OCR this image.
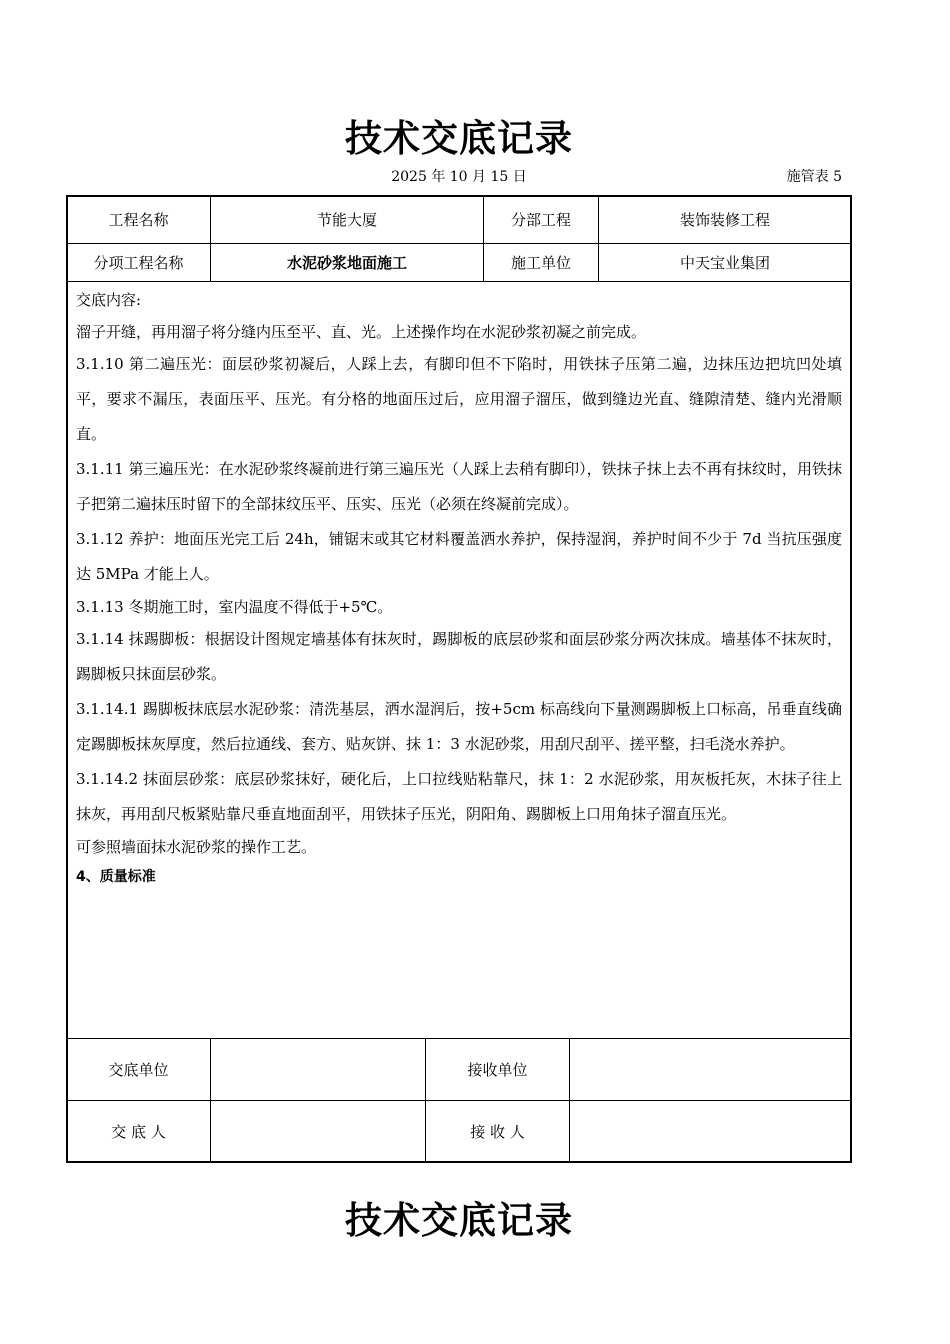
技术交底记录
2025 年 10 月 15 日	施管表 5
工程名称	节能大厦	分部工程	装饰装修工程
分项工程名称	水泥砂浆地面施工	施工单位	中天宝业集团

交底内容:

溜子开缝，再用溜子将分缝内压至平、直、光。上述操作均在水泥砂浆初凝之前完成。

3.1.10 第二遍压光：面层砂浆初凝后，人踩上去，有脚印但不下陷时，用铁抹子压第二遍，边抹压边把坑凹处填平，要求不漏压，表面压平、压光。有分格的地面压过后，应用溜子溜压，做到缝边光直、缝隙清楚、缝内光滑顺直。

3.1.11 第三遍压光：在水泥砂浆终凝前进行第三遍压光（人踩上去稍有脚印），铁抹子抹上去不再有抹纹时，用铁抹子把第二遍抹压时留下的全部抹纹压平、压实、压光（必须在终凝前完成）。

3.1.12 养护：地面压光完工后 24h，铺锯末或其它材料覆盖洒水养护，保持湿润，养护时间不少于 7d 当抗压强度达 5MPa 才能上人。

3.1.13 冬期施工时，室内温度不得低于+5℃。

3.1.14 抹踢脚板：根据设计图规定墙基体有抹灰时，踢脚板的底层砂浆和面层砂浆分两次抹成。墙基体不抹灰时，踢脚板只抹面层砂浆。

3.1.14.1 踢脚板抹底层水泥砂浆：清洗基层，洒水湿润后，按+5cm 标高线向下量测踢脚板上口标高，吊垂直线确定踢脚板抹灰厚度，然后拉通线、套方、贴灰饼、抹 1：3 水泥砂浆，用刮尺刮平、搓平整，扫毛浇水养护。

3.1.14.2 抹面层砂浆：底层砂浆抹好，硬化后，上口拉线贴粘靠尺，抹 1：2 水泥砂浆，用灰板托灰，木抹子往上抹灰，再用刮尺板紧贴靠尺垂直地面刮平，用铁抹子压光，阴阳角、踢脚板上口用角抹子溜直压光。

可参照墙面抹水泥砂浆的操作工艺。

4、质量标准

交底单位	接收单位
交 底 人	接 收 人
技术交底记录
